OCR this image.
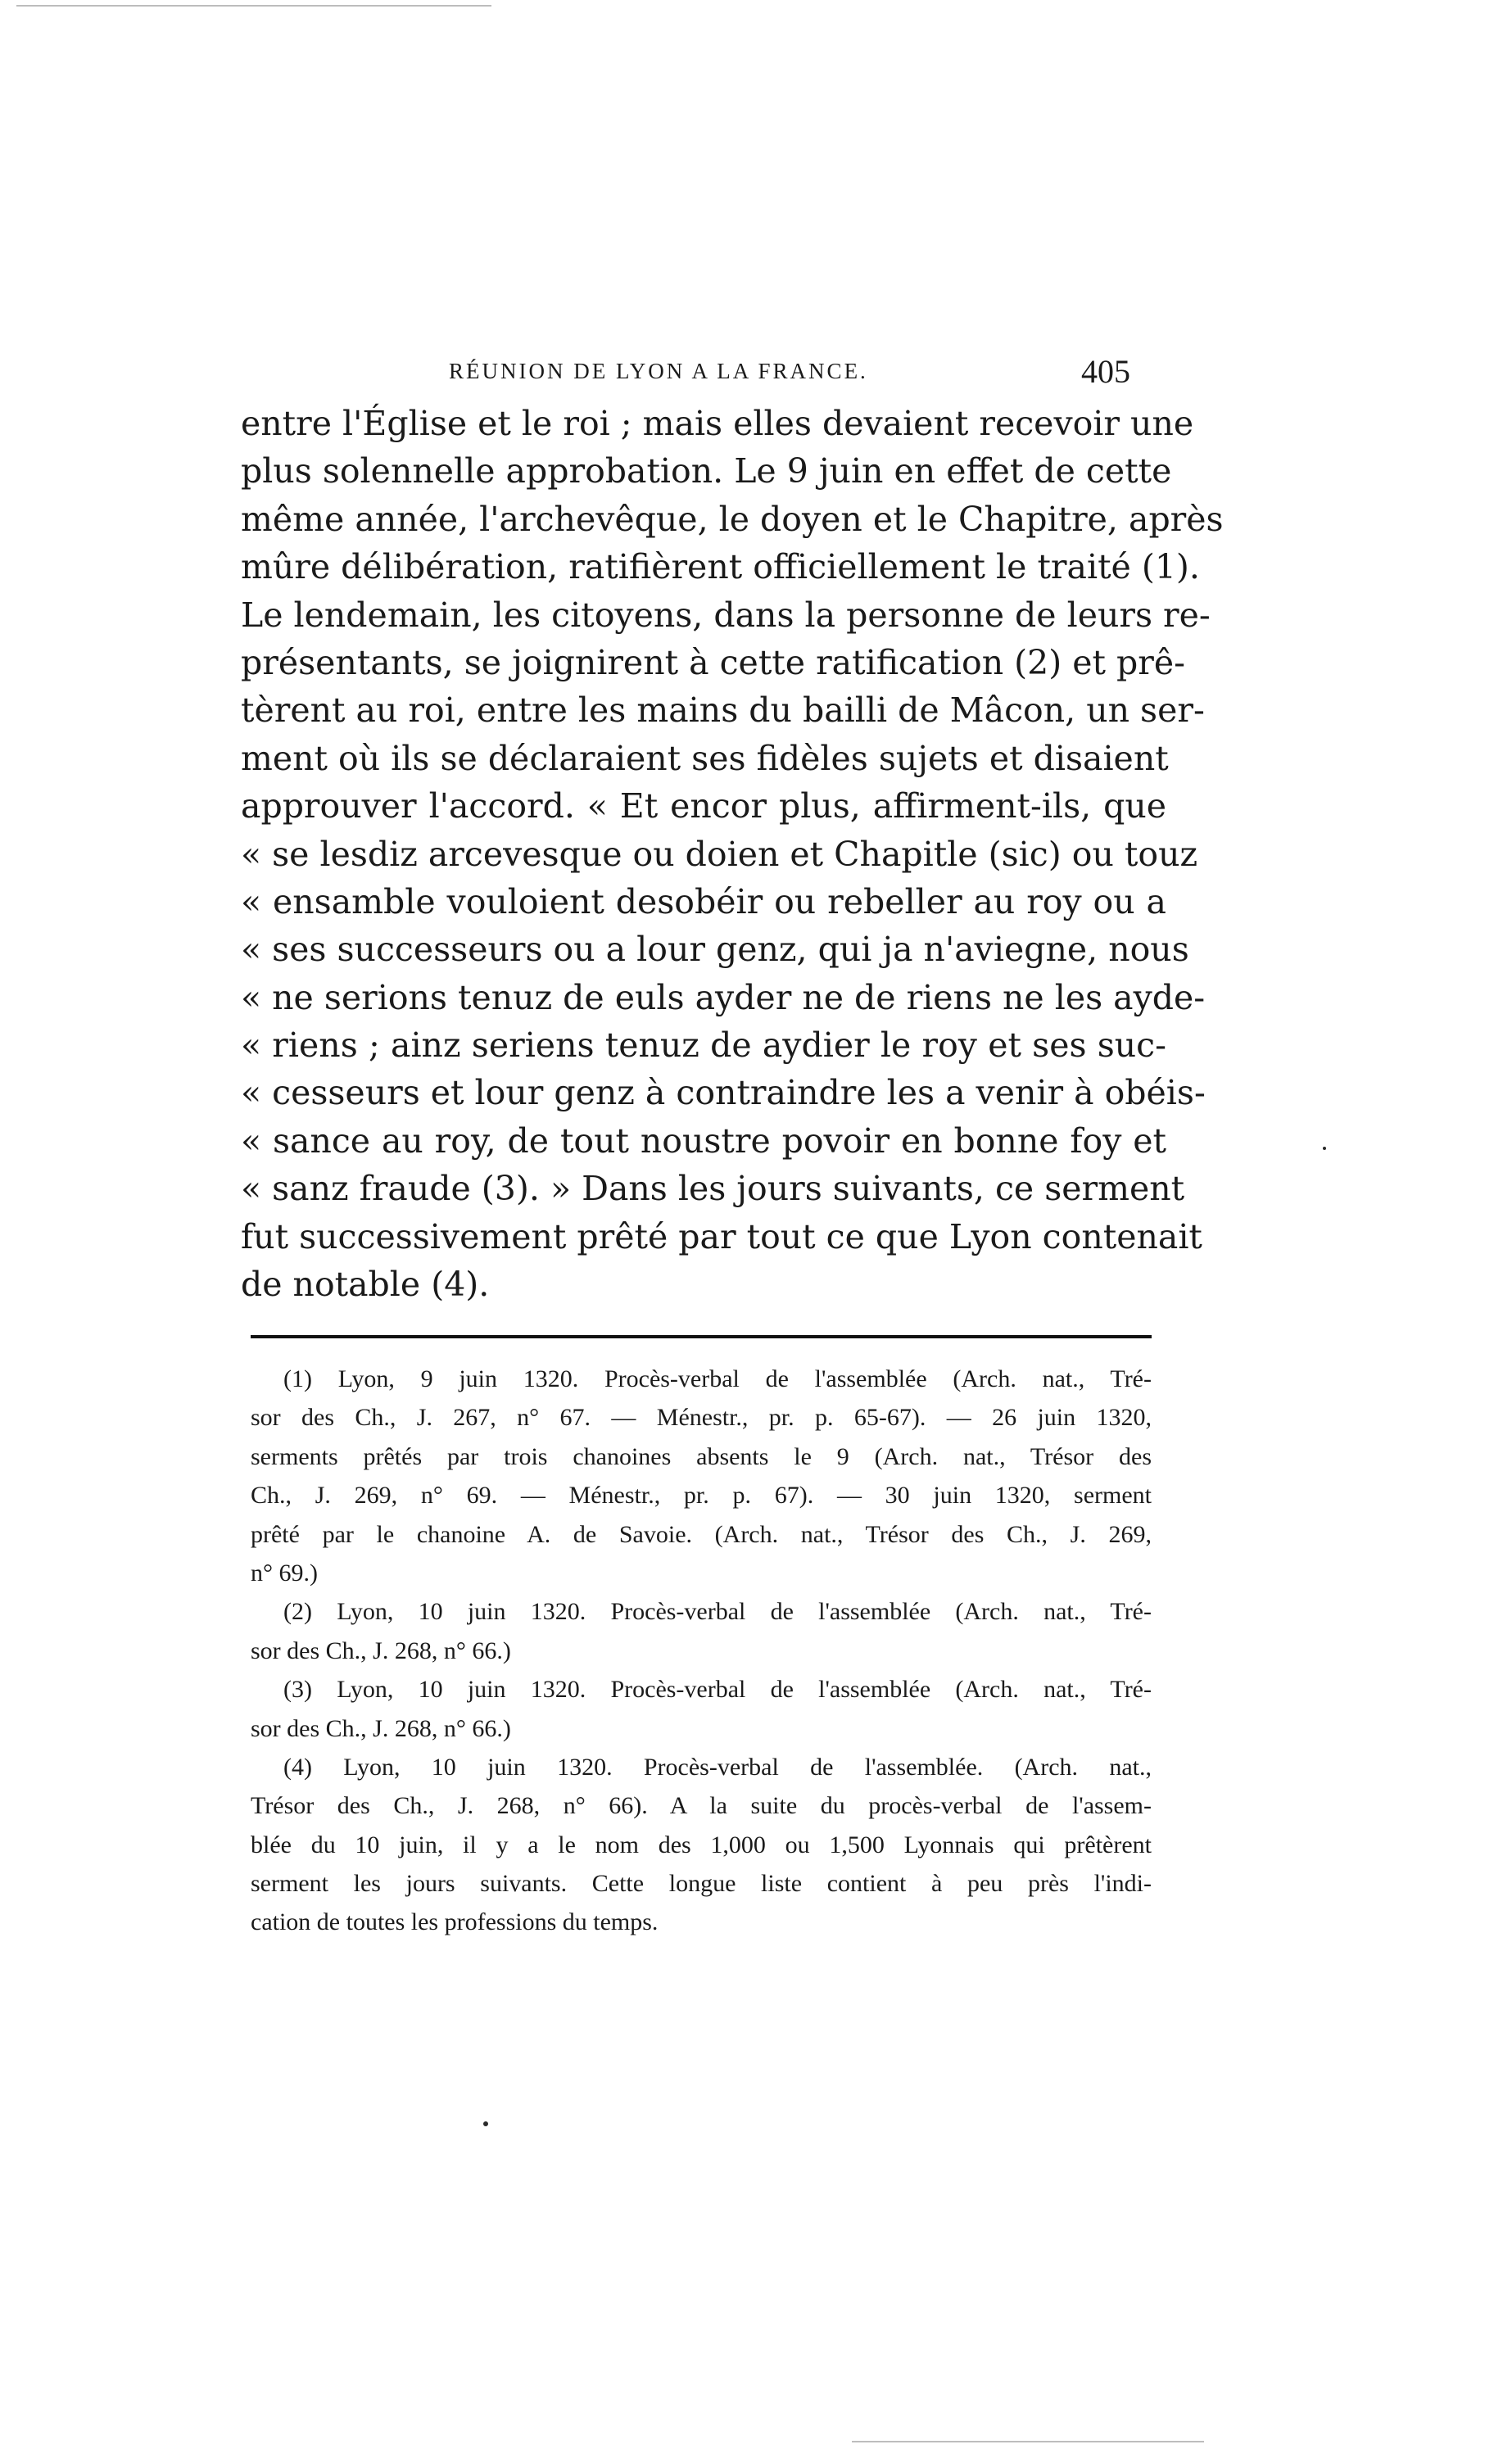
RÉUNION DE LYON A LA FRANCE.	405
entre l'Église et le roi ; mais elles devaient recevoir une
plus solennelle approbation. Le 9 juin en effet de cette
même année, l'archevêque, le doyen et le Chapitre, après
mûre délibération, ratifièrent officiellement le traité (1).
Le lendemain, les citoyens, dans la personne de leurs re-
présentants, se joignirent à cette ratification (2) et prê-
tèrent au roi, entre les mains du bailli de Mâcon, un ser-
ment où ils se déclaraient ses fidèles sujets et disaient
approuver l'accord. « Et encor plus, affirment-ils, que
« se lesdiz arcevesque ou doien et Chapitle (sic) ou touz
« ensamble vouloient desobéir ou rebeller au roy ou a
« ses successeurs ou a lour genz, qui ja n'aviegne, nous
« ne serions tenuz de euls ayder ne de riens ne les ayde-
« riens ; ainz seriens tenuz de aydier le roy et ses suc-
« cesseurs et lour genz à contraindre les a venir à obéis-
« sance au roy, de tout noustre povoir en bonne foy et
« sanz fraude (3). » Dans les jours suivants, ce serment
fut successivement prêté par tout ce que Lyon contenait
de notable (4).
(1) Lyon, 9 juin 1320. Procès-verbal de l'assemblée (Arch. nat., Tré-
sor des Ch., J. 267, n° 67. — Ménestr., pr. p. 65-67). — 26 juin 1320,
serments prêtés par trois chanoines absents le 9 (Arch. nat., Trésor des
Ch., J. 269, n° 69. — Ménestr., pr. p. 67). — 30 juin 1320, serment
prêté par le chanoine A. de Savoie. (Arch. nat., Trésor des Ch., J. 269,
n° 69.)
(2) Lyon, 10 juin 1320. Procès-verbal de l'assemblée (Arch. nat., Tré-
sor des Ch., J. 268, n° 66.)
(3) Lyon, 10 juin 1320. Procès-verbal de l'assemblée (Arch. nat., Tré-
sor des Ch., J. 268, n° 66.)
(4) Lyon, 10 juin 1320. Procès-verbal de l'assemblée. (Arch. nat.,
Trésor des Ch., J. 268, n° 66). A la suite du procès-verbal de l'assem-
blée du 10 juin, il y a le nom des 1,000 ou 1,500 Lyonnais qui prêtèrent
serment les jours suivants. Cette longue liste contient à peu près l'indi-
cation de toutes les professions du temps.
